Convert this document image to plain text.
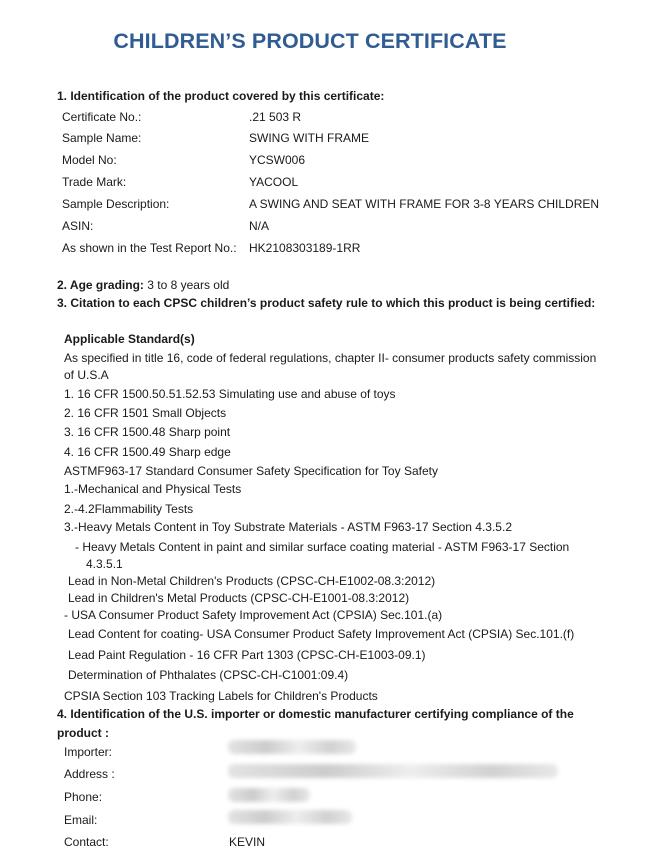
CHILDREN’S PRODUCT CERTIFICATE
1. Identification of the product covered by this certificate:
Certificate No.:	.21 503 R
Sample Name:	SWING WITH FRAME
Model No:	YCSW006
Trade Mark:	YACOOL
Sample Description:	A SWING AND SEAT WITH FRAME FOR 3-8 YEARS CHILDREN
ASIN:	N/A
As shown in the Test Report No.: HK2108303189-1RR
2. Age grading: 3 to 8 years old
3. Citation to each CPSC children’s product safety rule to which this product is being certified:
Applicable Standard(s)
As specified in title 16, code of federal regulations, chapter II- consumer products safety commission
of U.S.A
1. 16 CFR 1500.50.51.52.53 Simulating use and abuse of toys
2. 16 CFR 1501 Small Objects
3. 16 CFR 1500.48 Sharp point
4. 16 CFR 1500.49 Sharp edge
ASTMF963-17 Standard Consumer Safety Specification for Toy Safety
1.-Mechanical and Physical Tests
2.-4.2Flammability Tests
3.-Heavy Metals Content in Toy Substrate Materials - ASTM F963-17 Section 4.3.5.2
- Heavy Metals Content in paint and similar surface coating material - ASTM F963-17 Section
4.3.5.1
Lead in Non-Metal Children's Products (CPSC-CH-E1002-08.3:2012)
Lead in Children's Metal Products (CPSC-CH-E1001-08.3:2012)
- USA Consumer Product Safety Improvement Act (CPSIA) Sec.101.(a)
Lead Content for coating- USA Consumer Product Safety Improvement Act (CPSIA) Sec.101.(f)
Lead Paint Regulation - 16 CFR Part 1303 (CPSC-CH-E1003-09.1)
Determination of Phthalates (CPSC-CH-C1001:09.4)
CPSIA Section 103 Tracking Labels for Children's Products
4. Identification of the U.S. importer or domestic manufacturer certifying compliance of the
product :
Importer:
Address :
Phone:
Email:
Contact:	KEVIN
